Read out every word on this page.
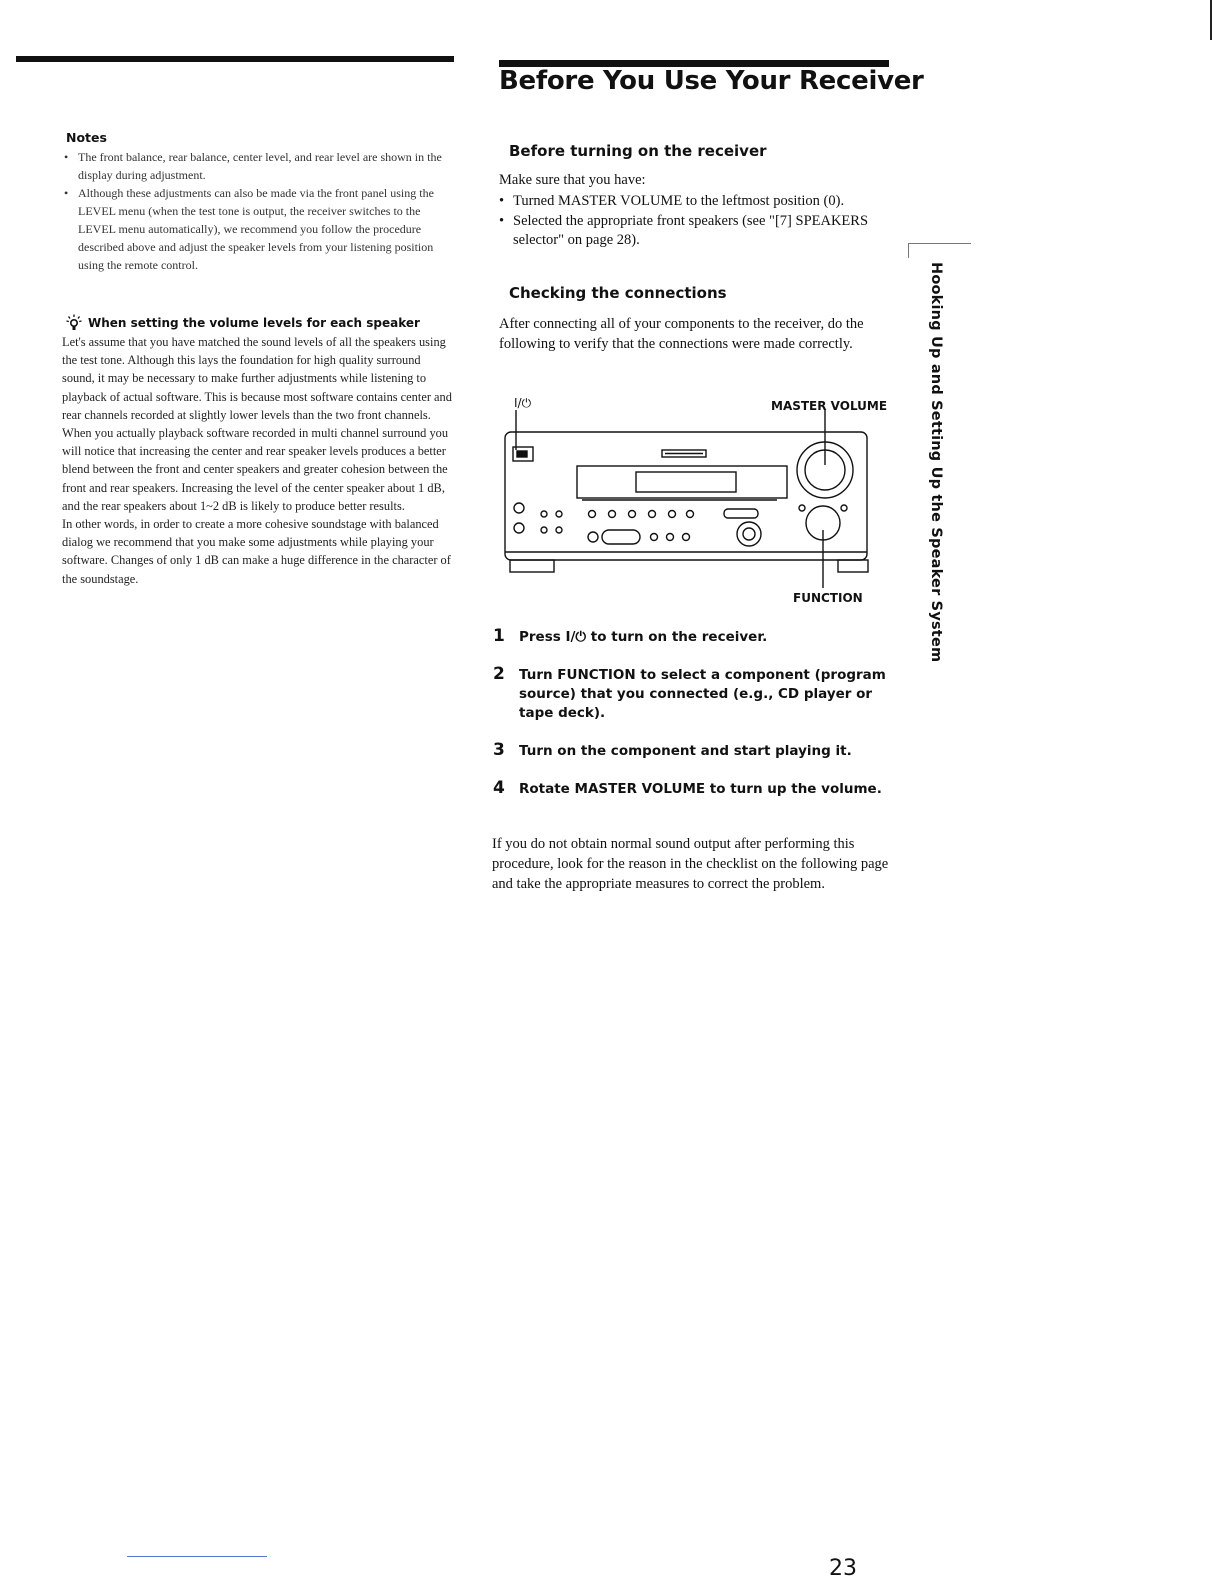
Before You Use Your Receiver
Notes
• The front balance, rear balance, center level, and rear level are shown in the display during adjustment.
• Although these adjustments can also be made via the front panel using the LEVEL menu (when the test tone is output, the receiver switches to the LEVEL menu automatically), we recommend you follow the procedure described above and adjust the speaker levels from your listening position using the remote control.
When setting the volume levels for each speaker

Let's assume that you have matched the sound levels of all the speakers using the test tone. Although this lays the foundation for high quality surround sound, it may be necessary to make further adjustments while listening to playback of actual software. This is because most software contains center and rear channels recorded at slightly lower levels than the two front channels.

When you actually playback software recorded in multi channel surround you will notice that increasing the center and rear speaker levels produces a better blend between the front and center speakers and greater cohesion between the front and rear speakers. Increasing the level of the center speaker about 1 dB, and the rear speakers about 1~2 dB is likely to produce better results.

In other words, in order to create a more cohesive soundstage with balanced dialog we recommend that you make some adjustments while playing your software. Changes of only 1 dB can make a huge difference in the character of the soundstage.

Before turning on the receiver
Make sure that you have:
• Turned MASTER VOLUME to the leftmost position (0).
• Selected the appropriate front speakers (see "[7] SPEAKERS selector" on page 28).
Checking the connections

After connecting all of your components to the receiver, do the following to verify that the connections were made correctly.

I/⏻	MASTER VOLUME
FUNCTION
1 Press I/⏻ to turn on the receiver.
2 Turn FUNCTION to select a component (program source) that you connected (e.g., CD player or tape deck).
3 Turn on the component and start playing it.
4 Rotate MASTER VOLUME to turn up the volume.

If you do not obtain normal sound output after performing this procedure, look for the reason in the checklist on the following page and take the appropriate measures to correct the problem.

Hooking Up and Setting Up the Speaker System
23
